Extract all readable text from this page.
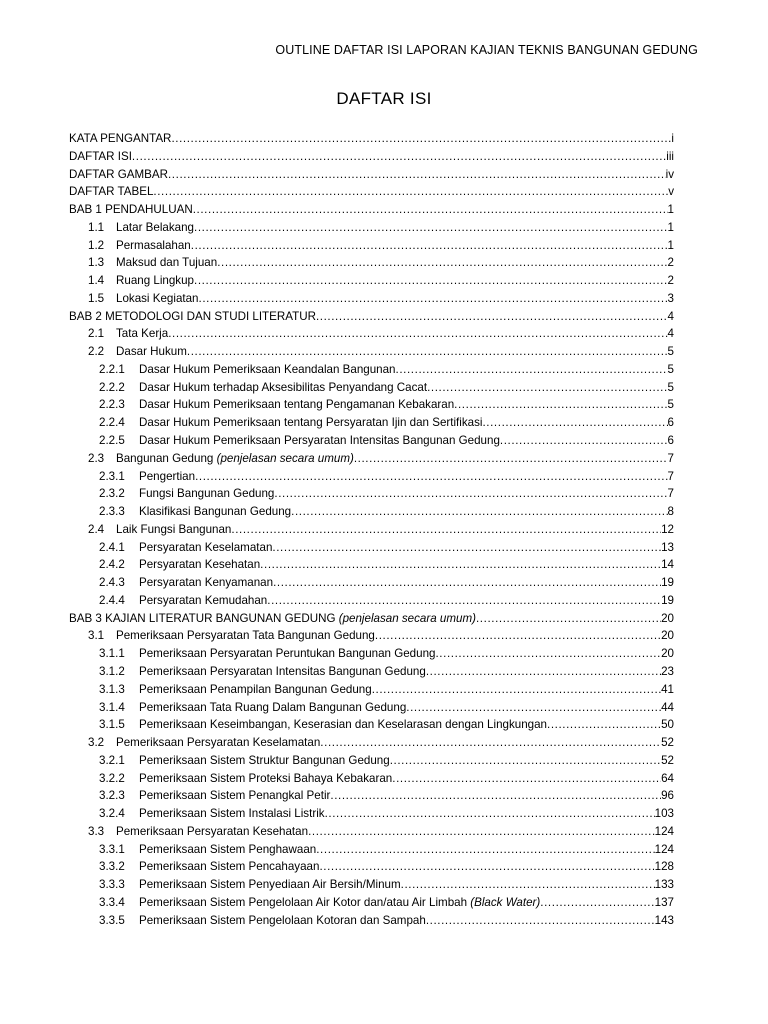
OUTLINE DAFTAR ISI LAPORAN KAJIAN TEKNIS BANGUNAN GEDUNG
DAFTAR ISI
KATA PENGANTAR .....	i
DAFTAR ISI .....	iii
DAFTAR GAMBAR .....	iv
DAFTAR TABEL .....	v
BAB 1 PENDAHULUAN .....	1
1.1	Latar Belakang .....	1
1.2	Permasalahan .....	1
1.3	Maksud dan Tujuan .....	2
1.4	Ruang Lingkup .....	2
1.5	Lokasi Kegiatan .....	3
BAB 2 METODOLOGI DAN STUDI LITERATUR .....	4
2.1	Tata Kerja .....	4
2.2	Dasar Hukum .....	5
2.2.1	Dasar Hukum Pemeriksaan Keandalan Bangunan .....	5
2.2.2	Dasar Hukum terhadap Aksesibilitas Penyandang Cacat .....	5
2.2.3	Dasar Hukum Pemeriksaan tentang Pengamanan Kebakaran .....	5
2.2.4	Dasar Hukum Pemeriksaan tentang Persyaratan Ijin dan Sertifikasi .....	6
2.2.5	Dasar Hukum Pemeriksaan Persyaratan Intensitas Bangunan Gedung .....	6
2.3	Bangunan Gedung (penjelasan secara umum) .....	7
2.3.1	Pengertian .....	7
2.3.2	Fungsi Bangunan Gedung .....	7
2.3.3	Klasifikasi Bangunan Gedung .....	8
2.4	Laik Fungsi Bangunan .....	12
2.4.1	Persyaratan Keselamatan .....	13
2.4.2	Persyaratan Kesehatan .....	14
2.4.3	Persyaratan Kenyamanan .....	19
2.4.4	Persyaratan Kemudahan .....	19
BAB 3 KAJIAN LITERATUR BANGUNAN GEDUNG (penjelasan secara umum) .....	20
3.1	Pemeriksaan Persyaratan Tata Bangunan Gedung .....	20
3.1.1	Pemeriksaan Persyaratan Peruntukan Bangunan Gedung .....	20
3.1.2	Pemeriksaan Persyaratan Intensitas Bangunan Gedung .....	23
3.1.3	Pemeriksaan Penampilan Bangunan Gedung .....	41
3.1.4	Pemeriksaan Tata Ruang Dalam Bangunan Gedung .....	44
3.1.5	Pemeriksaan Keseimbangan, Keserasian dan Keselarasan dengan Lingkungan .....	50
3.2	Pemeriksaan Persyaratan Keselamatan .....	52
3.2.1	Pemeriksaan Sistem Struktur Bangunan Gedung .....	52
3.2.2	Pemeriksaan Sistem Proteksi Bahaya Kebakaran .....	64
3.2.3	Pemeriksaan Sistem Penangkal Petir .....	96
3.2.4	Pemeriksaan Sistem Instalasi Listrik .....	103
3.3	Pemeriksaan Persyaratan Kesehatan .....	124
3.3.1	Pemeriksaan Sistem Penghawaan .....	124
3.3.2	Pemeriksaan Sistem Pencahayaan .....	128
3.3.3	Pemeriksaan Sistem Penyediaan Air Bersih/Minum .....	133
3.3.4	Pemeriksaan Sistem Pengelolaan Air Kotor dan/atau Air Limbah (Black Water) .....	137
3.3.5	Pemeriksaan Sistem Pengelolaan Kotoran dan Sampah .....	143
